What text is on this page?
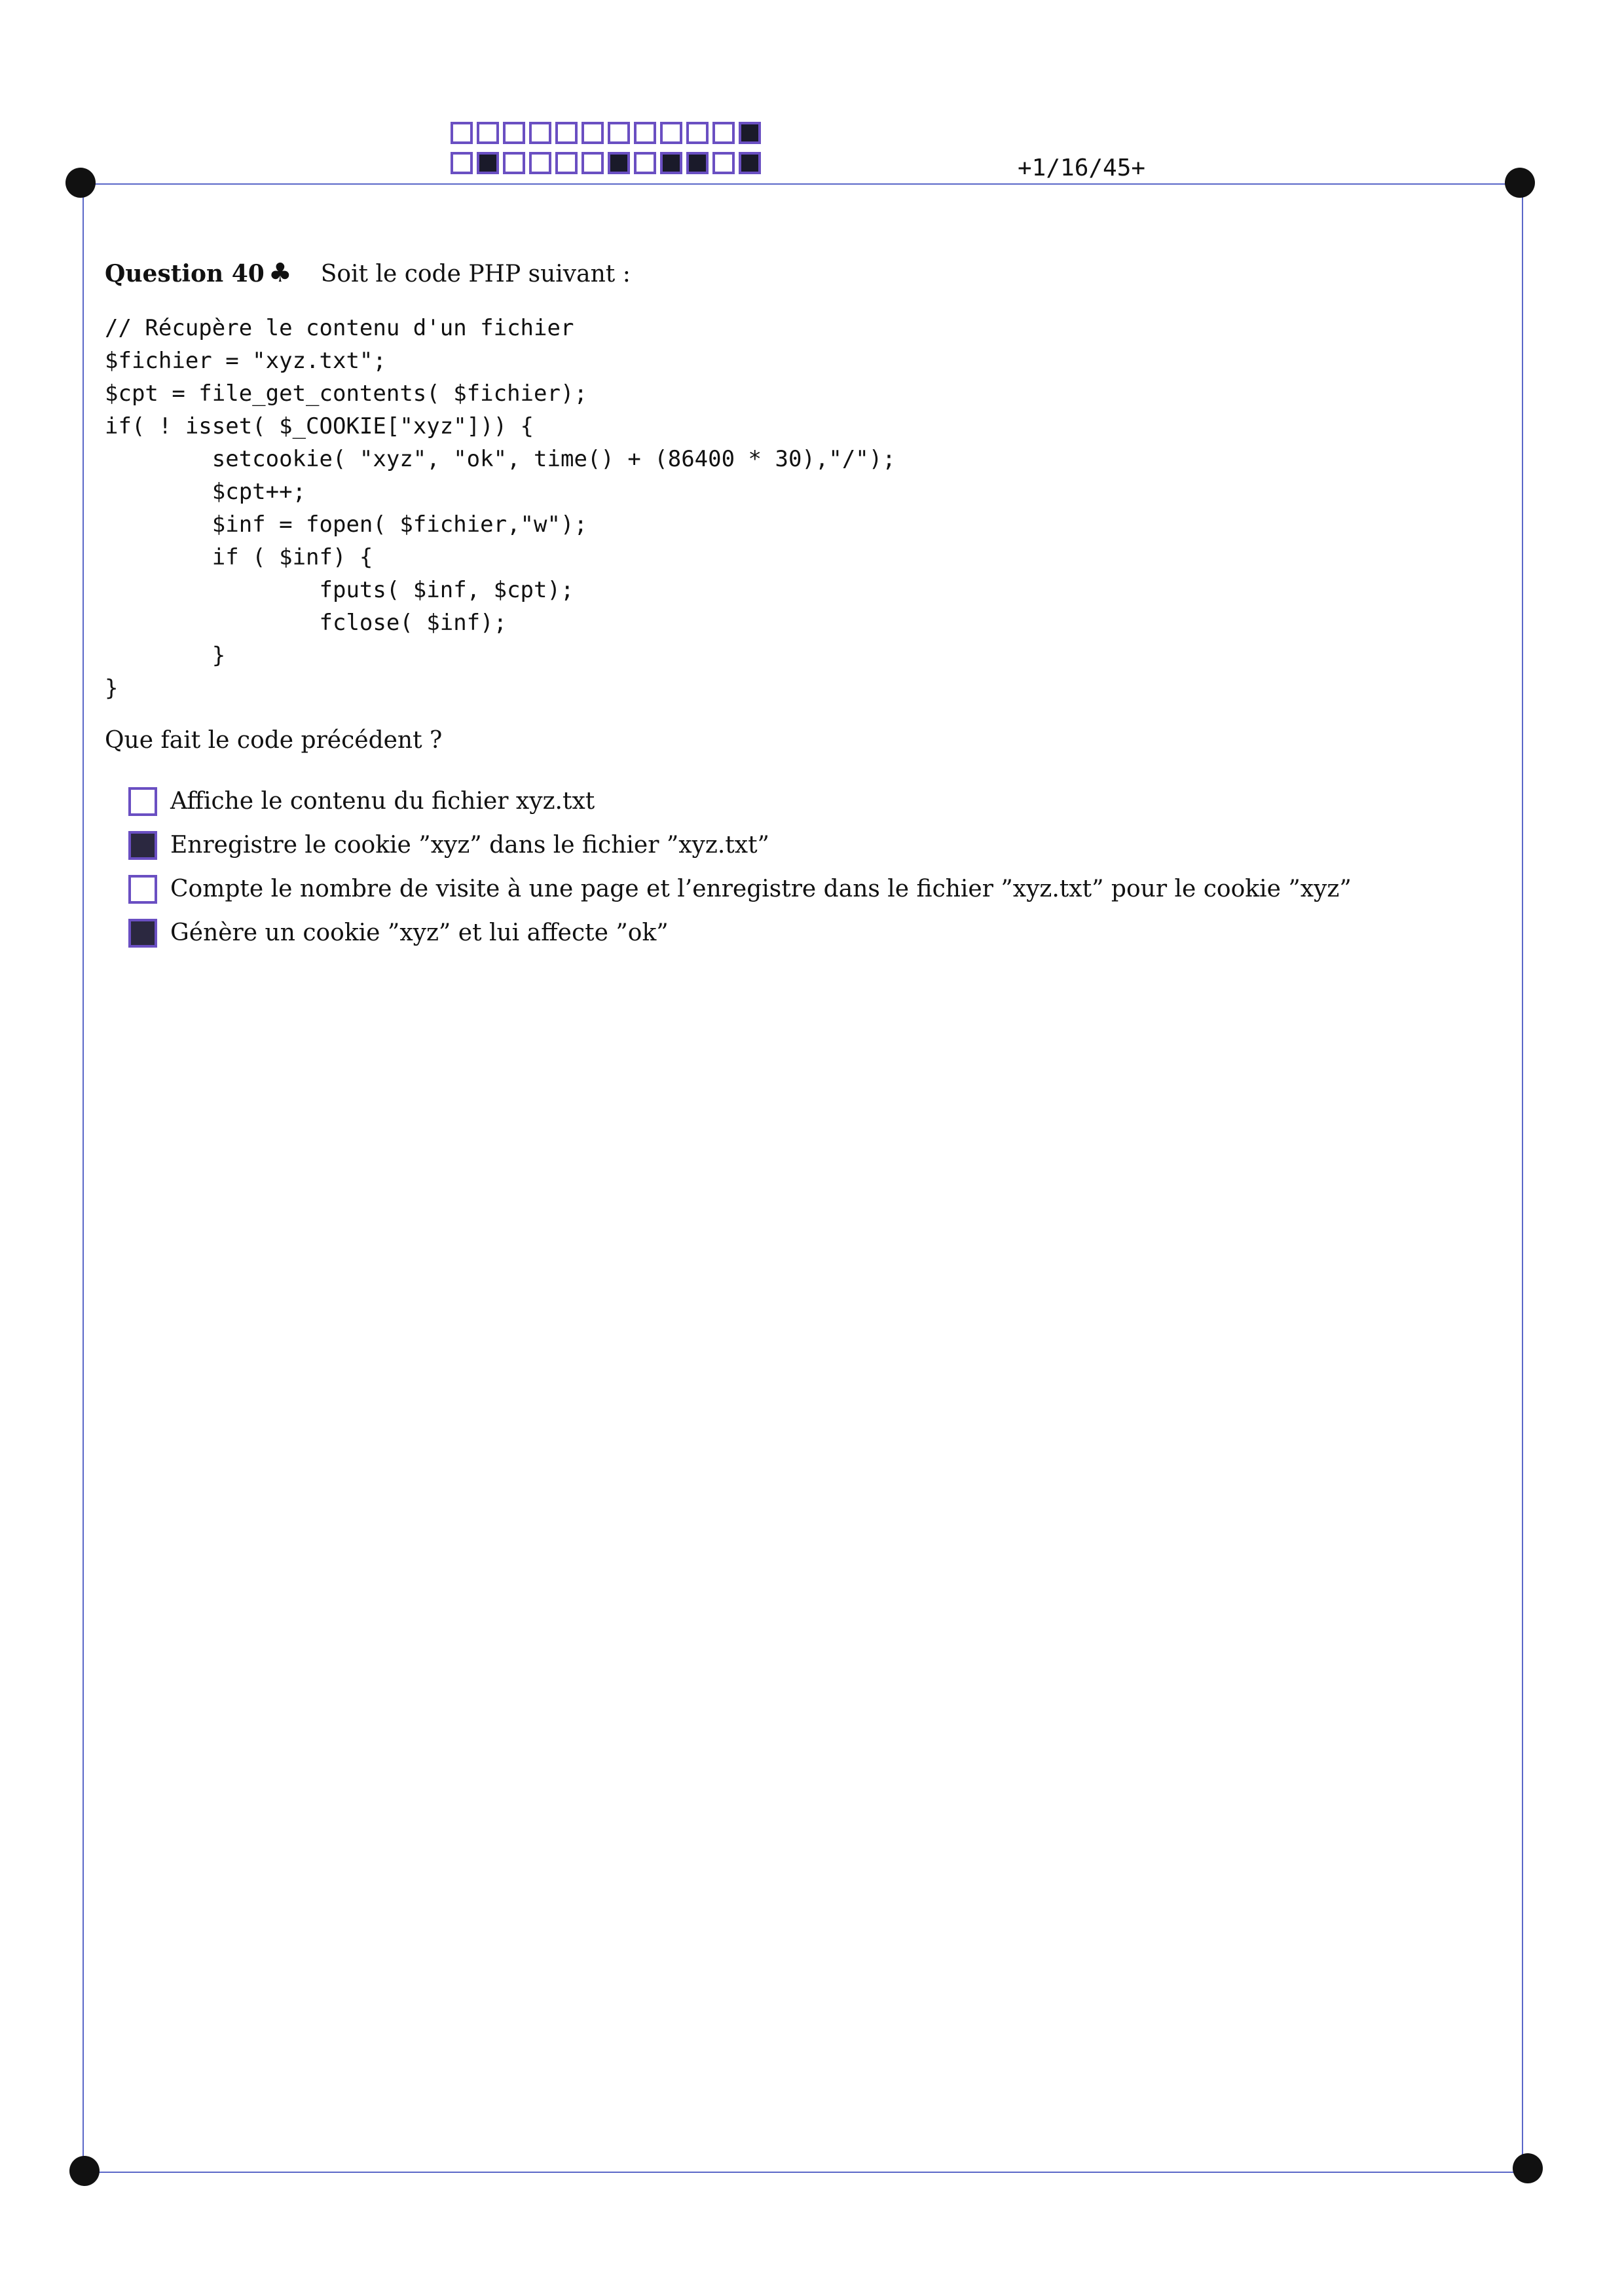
+1/16/45+
Question 40 ♣ Soit le code PHP suivant :
// Récupère le contenu d'un fichier
$fichier = "xyz.txt";
$cpt = file_get_contents( $fichier);
if( ! isset( $_COOKIE["xyz"])) {
setcookie( "xyz", "ok", time() + (86400 * 30),"/");
$cpt++;
$inf = fopen( $fichier,"w");
if ( $inf) {
fputs( $inf, $cpt);
fclose( $inf);
}
}
Que fait le code précédent ?
Affiche le contenu du fichier xyz.txt
Enregistre le cookie ”xyz” dans le fichier ”xyz.txt”
Compte le nombre de visite à une page et l’enregistre dans le fichier ”xyz.txt” pour le cookie ”xyz”
Génère un cookie ”xyz” et lui affecte ”ok”
